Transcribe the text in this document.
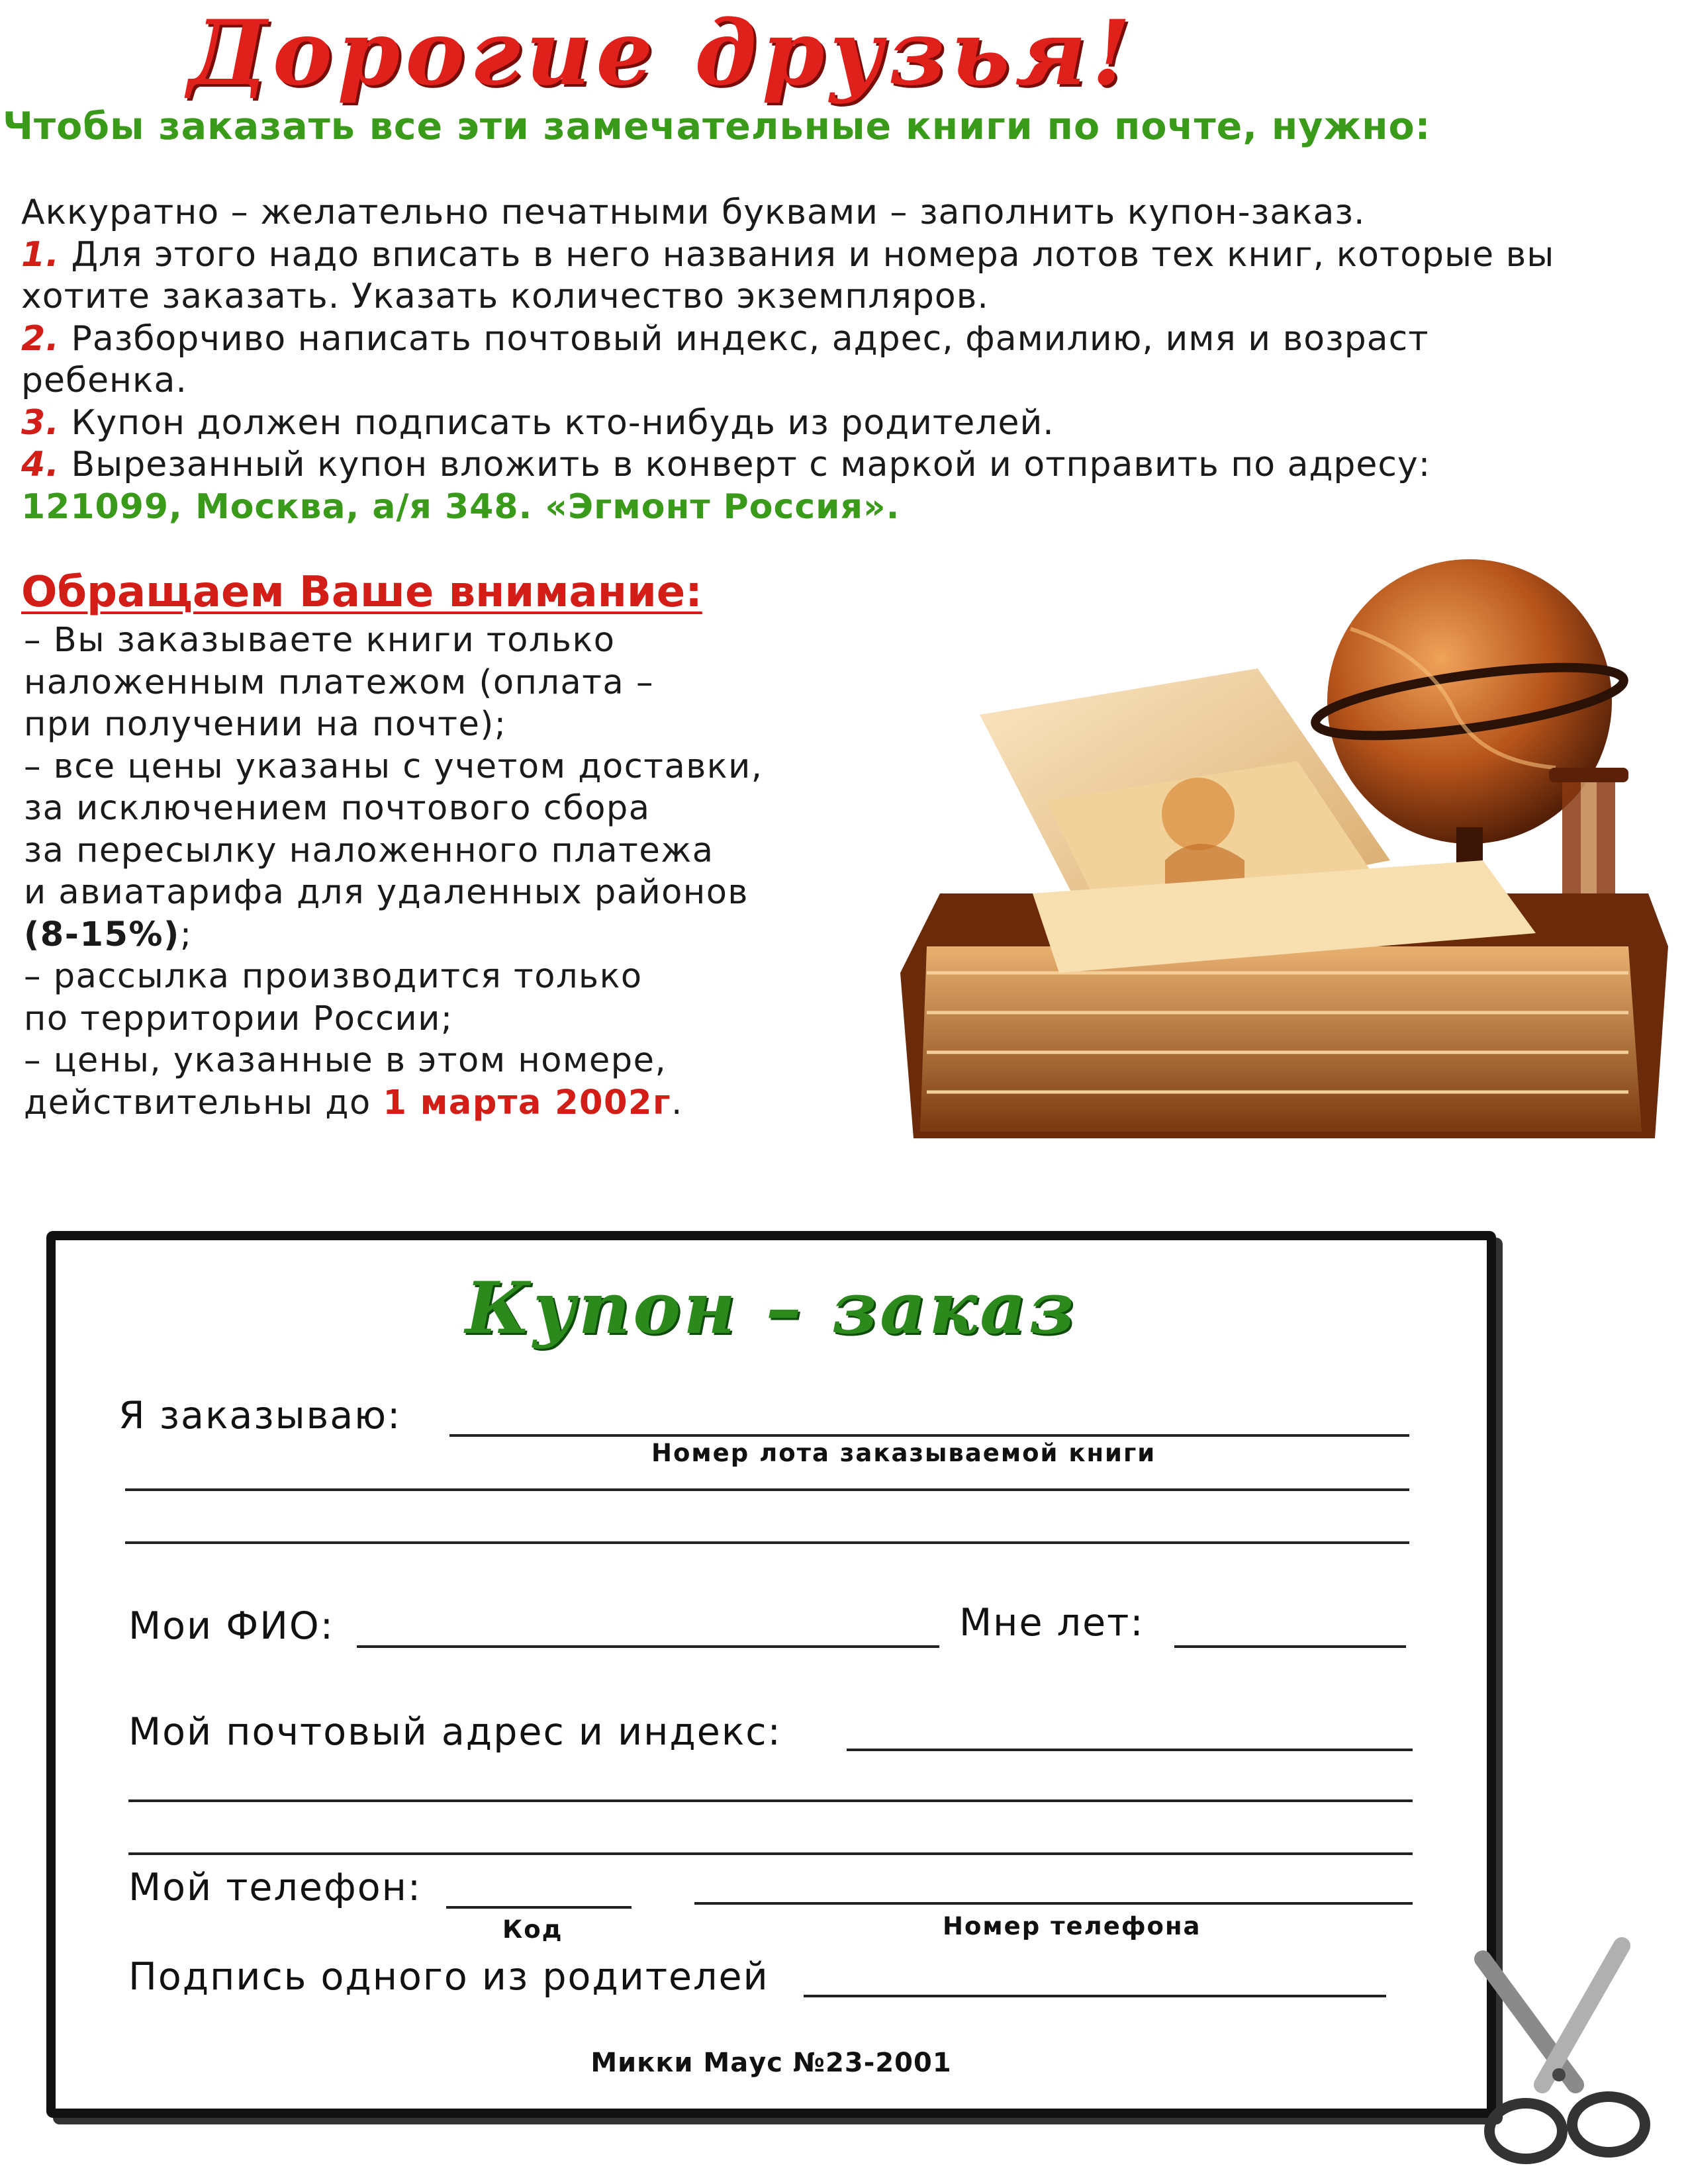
Дорогие друзья!
Чтобы заказать все эти замечательные книги по почте, нужно:
Аккуратно – желательно печатными буквами – заполнить купон-заказ.
1. Для этого надо вписать в него названия и номера лотов тех книг, которые вы
хотите заказать. Указать количество экземпляров.
2. Разборчиво написать почтовый индекс, адрес, фамилию, имя и возраст
ребенка.
3. Купон должен подписать кто-нибудь из родителей.
4. Вырезанный купон вложить в конверт с маркой и отправить по адресу:
121099, Москва, а/я 348. «Эгмонт Россия».
Обращаем Ваше внимание:
– Вы заказываете книги только
наложенным платежом (оплата –
при получении на почте);
– все цены указаны с учетом доставки,
за исключением почтового сбора
за пересылку наложенного платежа
и авиатарифа для удаленных районов
(8-15%);
– рассылка производится только
по территории России;
– цены, указанные в этом номере,
действительны до 1 марта 2002г.
Купон – заказ
Я заказываю:
Номер лота заказываемой книги
Мои ФИО:	Мне лет:
Мой почтовый адрес и индекс:
Мой телефон:
Код	Номер телефона
Подпись одного из родителей
Микки Маус №23-2001
